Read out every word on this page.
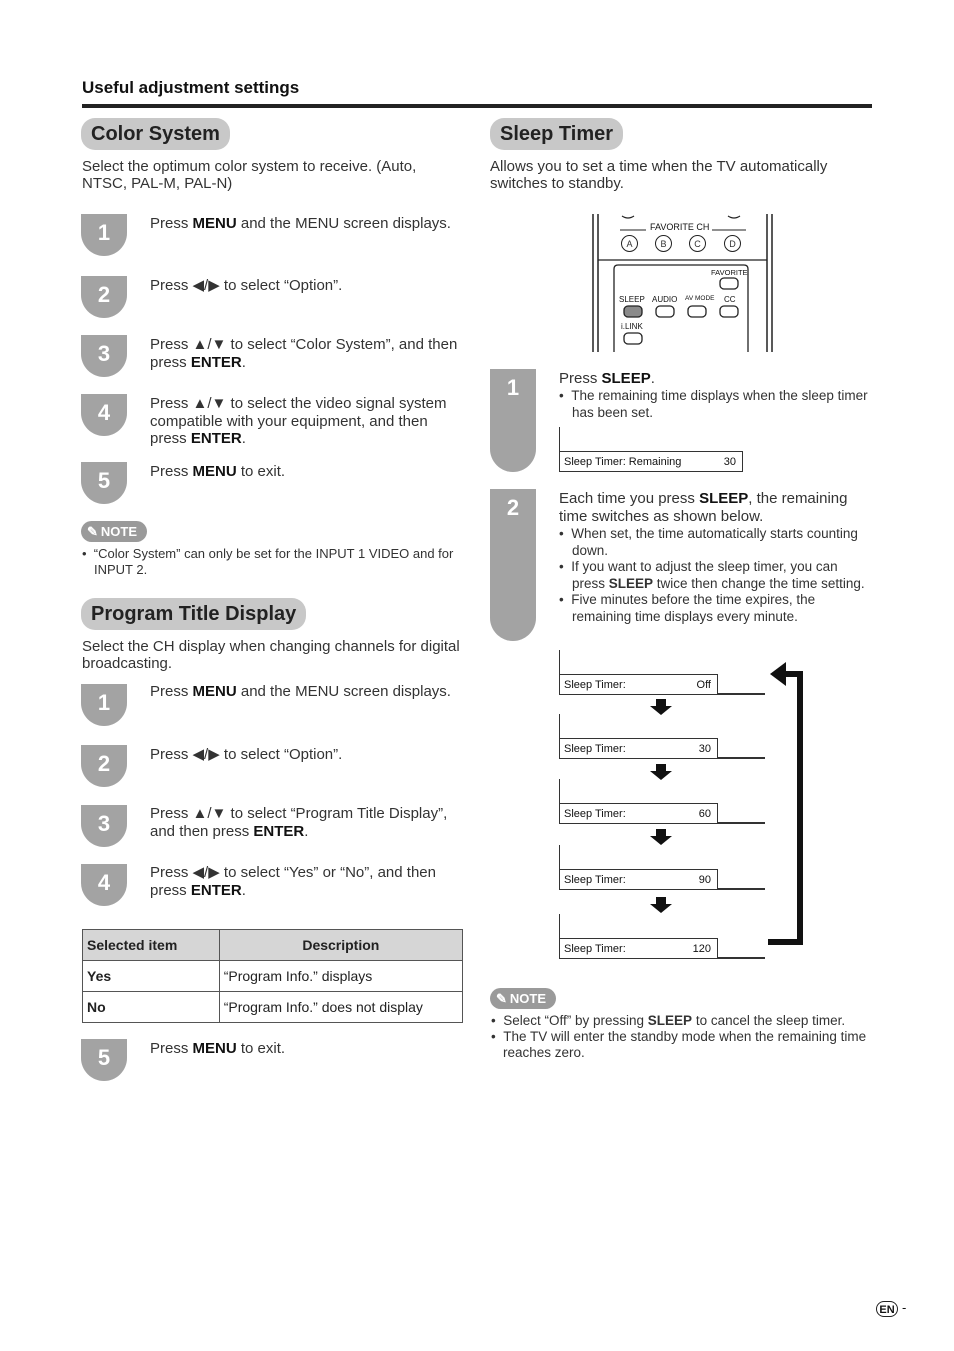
Useful adjustment settings
Color System
Select the optimum color system to receive. (Auto, NTSC, PAL-M, PAL-N)
1	Press MENU and the MENU screen displays.
2	Press ◀/▶ to select “Option”.
3	Press ▲/▼ to select “Color System”, and then press ENTER.
4	Press ▲/▼ to select the video signal system compatible with your equipment, and then press ENTER.
5	Press MENU to exit.
✎ NOTE
•  “Color System” can only be set for the INPUT 1 VIDEO and for INPUT 2.
Program Title Display
Select the CH display when changing channels for digital broadcasting.
1	Press MENU and the MENU screen displays.
2	Press ◀/▶ to select “Option”.
3	Press ▲/▼ to select “Program Title Display”, and then press ENTER.
4	Press ◀/▶ to select “Yes” or “No”, and then press ENTER.
Selected item	Description
Yes	“Program Info.” displays
No	“Program Info.” does not display
5	Press MENU to exit.
Sleep Timer
Allows you to set a time when the TV automatically switches to standby.
FAVORITE CH
A	B	C	D
FAVORITE
SLEEP AUDIO AV MODE CC
i.LINK
1	Press SLEEP.
•  The remaining time displays when the sleep timer has been set.
Sleep Timer: Remaining	30
2	Each time you press SLEEP, the remaining time switches as shown below.
•  When set, the time automatically starts counting down.
•  If you want to adjust the sleep timer, you can press SLEEP twice then change the time setting.
•  Five minutes before the time expires, the remaining time displays every minute.
Sleep Timer:	Off
Sleep Timer:	30
Sleep Timer:	60
Sleep Timer:	90
Sleep Timer:	120
✎ NOTE
•  Select “Off” by pressing SLEEP to cancel the sleep timer.
•  The TV will enter the standby mode when the remaining time reaches zero.
EN -
